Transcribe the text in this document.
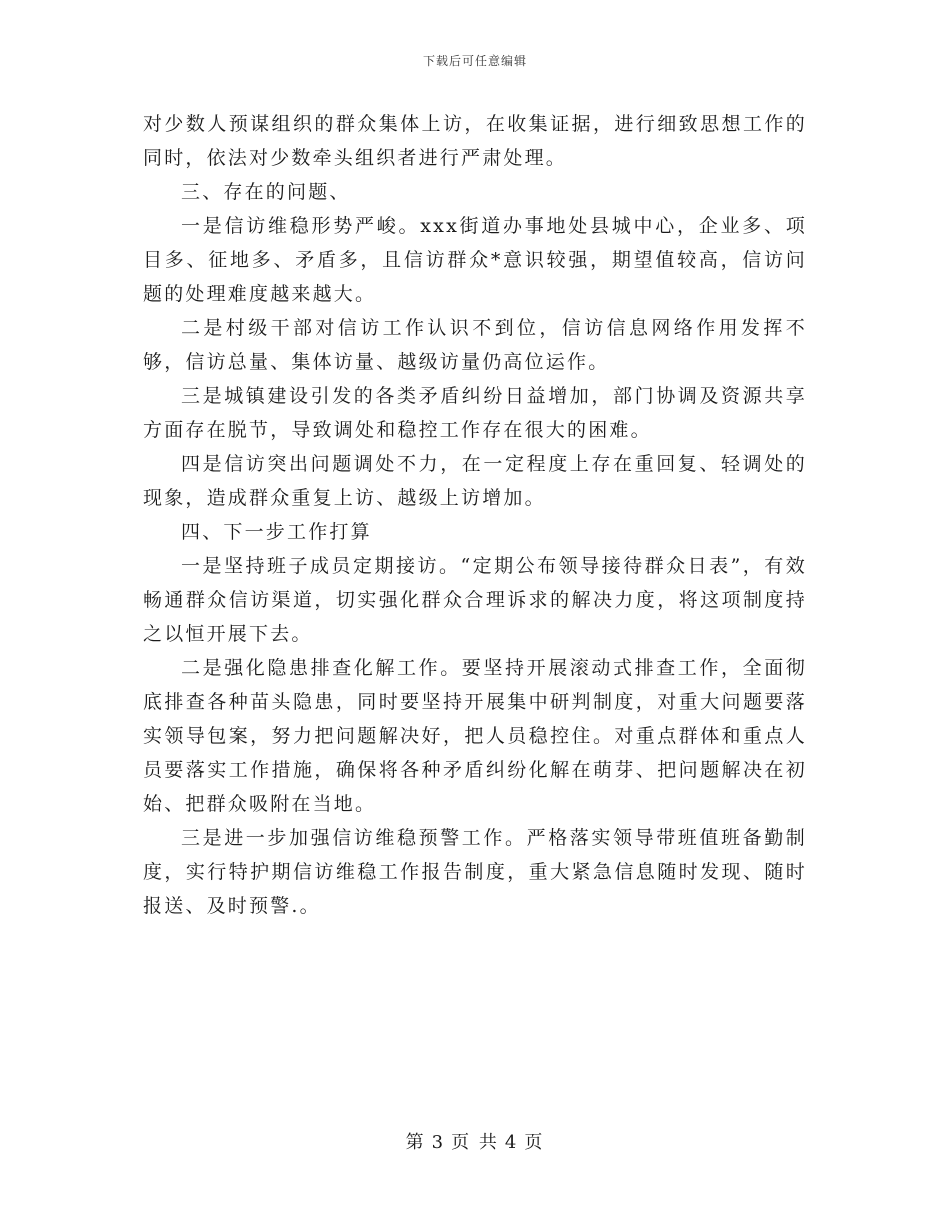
下载后可任意编辑

对少数人预谋组织的群众集体上访，在收集证据，进行细致思想工作的同时，依法对少数牵头组织者进行严肃处理。

三、存在的问题、

一是信访维稳形势严峻。xxx街道办事地处县城中心，企业多、项目多、征地多、矛盾多，且信访群众*意识较强，期望值较高，信访问题的处理难度越来越大。

二是村级干部对信访工作认识不到位，信访信息网络作用发挥不够，信访总量、集体访量、越级访量仍高位运作。

三是城镇建设引发的各类矛盾纠纷日益增加，部门协调及资源共享方面存在脱节，导致调处和稳控工作存在很大的困难。

四是信访突出问题调处不力，在一定程度上存在重回复、轻调处的现象，造成群众重复上访、越级上访增加。

四、下一步工作打算

一是坚持班子成员定期接访。“定期公布领导接待群众日表”，有效畅通群众信访渠道，切实强化群众合理诉求的解决力度，将这项制度持之以恒开展下去。

二是强化隐患排查化解工作。要坚持开展滚动式排查工作，全面彻底排查各种苗头隐患，同时要坚持开展集中研判制度，对重大问题要落实领导包案，努力把问题解决好，把人员稳控住。对重点群体和重点人员要落实工作措施，确保将各种矛盾纠纷化解在萌芽、把问题解决在初始、把群众吸附在当地。

三是进一步加强信访维稳预警工作。严格落实领导带班值班备勤制度，实行特护期信访维稳工作报告制度，重大紧急信息随时发现、随时报送、及时预警.。

第 3 页 共 4 页
